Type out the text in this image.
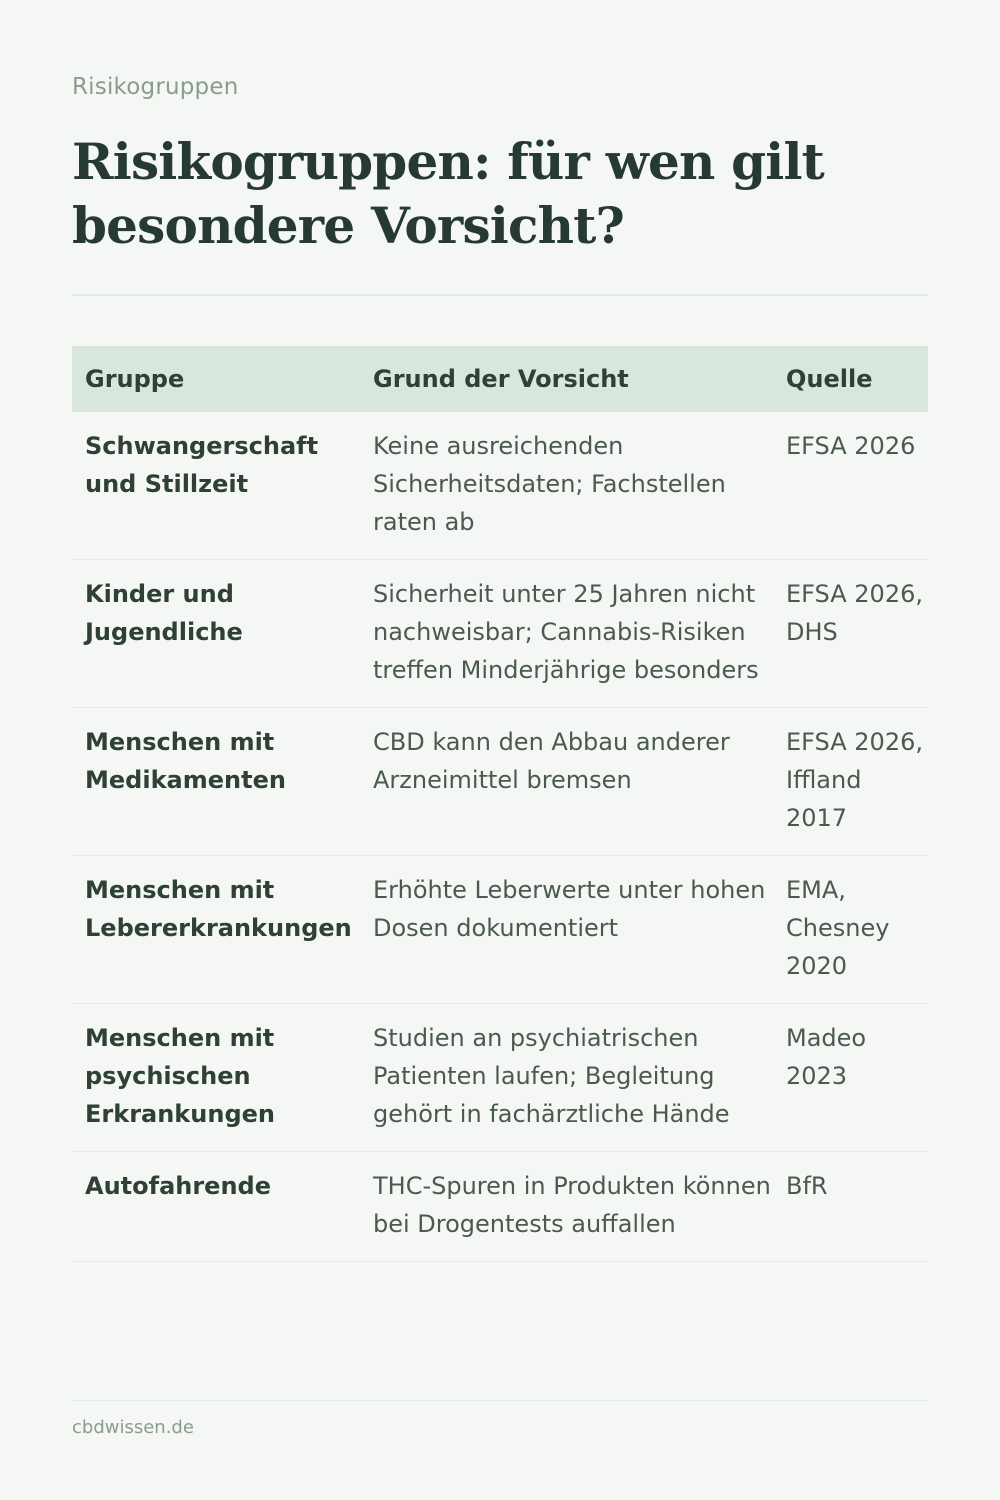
Risikogruppen
Risikogruppen: für wen gilt besondere Vorsicht?
Gruppe	Grund der Vorsicht	Quelle
Schwangerschaft und Stillzeit	Keine ausreichenden Sicherheitsdaten; Fachstellen raten ab	EFSA 2026
Kinder und Jugendliche	Sicherheit unter 25 Jahren nicht nachweisbar; Cannabis-Risiken treffen Minderjährige besonders	EFSA 2026, DHS
Menschen mit Medikamenten	CBD kann den Abbau anderer Arzneimittel bremsen	EFSA 2026, Iffland 2017
Menschen mit Lebererkrankungen	Erhöhte Leberwerte unter hohen Dosen dokumentiert	EMA, Chesney 2020
Menschen mit psychischen Erkrankungen	Studien an psychiatrischen Patienten laufen; Begleitung gehört in fachärztliche Hände	Madeo 2023
Autofahrende	THC-Spuren in Produkten können bei Drogentests auffallen	BfR
cbdwissen.de
